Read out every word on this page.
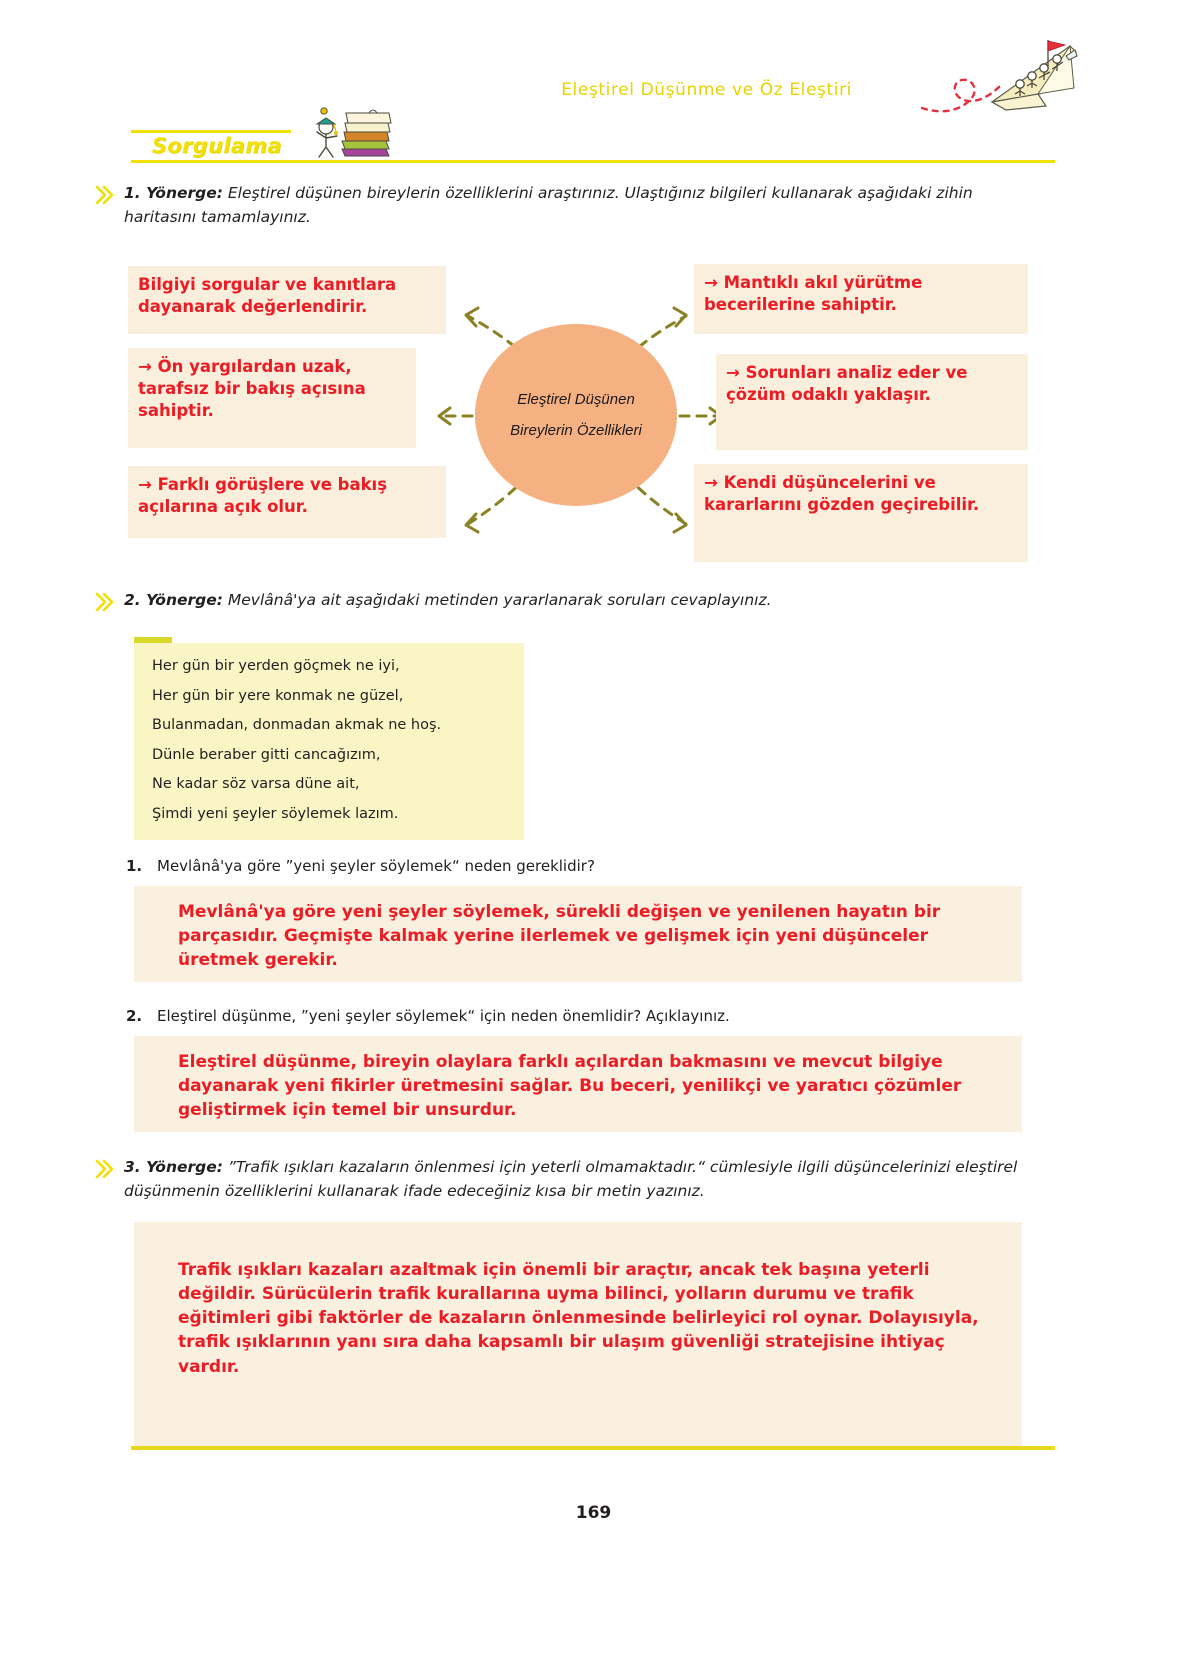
Eleştirel Düşünme ve Öz Eleştiri
Sorgulama
1. Yönerge: Eleştirel düşünen bireylerin özelliklerini araştırınız. Ulaştığınız bilgileri kullanarak aşağıdaki zihin haritasını tamamlayınız.
Bilgiyi sorgular ve kanıtlara dayanarak değerlendirir.
→ Ön yargılardan uzak, tarafsız bir bakış açısına sahiptir.
→ Farklı görüşlere ve bakış açılarına açık olur.
→ Mantıklı akıl yürütme becerilerine sahiptir.
→ Sorunları analiz eder ve çözüm odaklı yaklaşır.
→ Kendi düşüncelerini ve kararlarını gözden geçirebilir.
Eleştirel Düşünen
Bireylerin Özellikleri
2. Yönerge: Mevlânâ'ya ait aşağıdaki metinden yararlanarak soruları cevaplayınız.
Her gün bir yerden göçmek ne iyi,
Her gün bir yere konmak ne güzel,
Bulanmadan, donmadan akmak ne hoş.
Dünle beraber gitti cancağızım,
Ne kadar söz varsa düne ait,
Şimdi yeni şeyler söylemek lazım.
1. Mevlânâ'ya göre ”yeni şeyler söylemek“ neden gereklidir?

Mevlânâ'ya göre yeni şeyler söylemek, sürekli değişen ve yenilenen hayatın bir parçasıdır. Geçmişte kalmak yerine ilerlemek ve gelişmek için yeni düşünceler üretmek gerekir.

2. Eleştirel düşünme, ”yeni şeyler söylemek“ için neden önemlidir? Açıklayınız.

Eleştirel düşünme, bireyin olaylara farklı açılardan bakmasını ve mevcut bilgiye dayanarak yeni fikirler üretmesini sağlar. Bu beceri, yenilikçi ve yaratıcı çözümler geliştirmek için temel bir unsurdur.

3. Yönerge: ”Trafik ışıkları kazaların önlenmesi için yeterli olmamaktadır.“ cümlesiyle ilgili düşüncelerinizi eleştirel düşünmenin özelliklerini kullanarak ifade edeceğiniz kısa bir metin yazınız.

Trafik ışıkları kazaları azaltmak için önemli bir araçtır, ancak tek başına yeterli değildir. Sürücülerin trafik kurallarına uyma bilinci, yolların durumu ve trafik eğitimleri gibi faktörler de kazaların önlenmesinde belirleyici rol oynar. Dolayısıyla, trafik ışıklarının yanı sıra daha kapsamlı bir ulaşım güvenliği stratejisine ihtiyaç vardır.

169
